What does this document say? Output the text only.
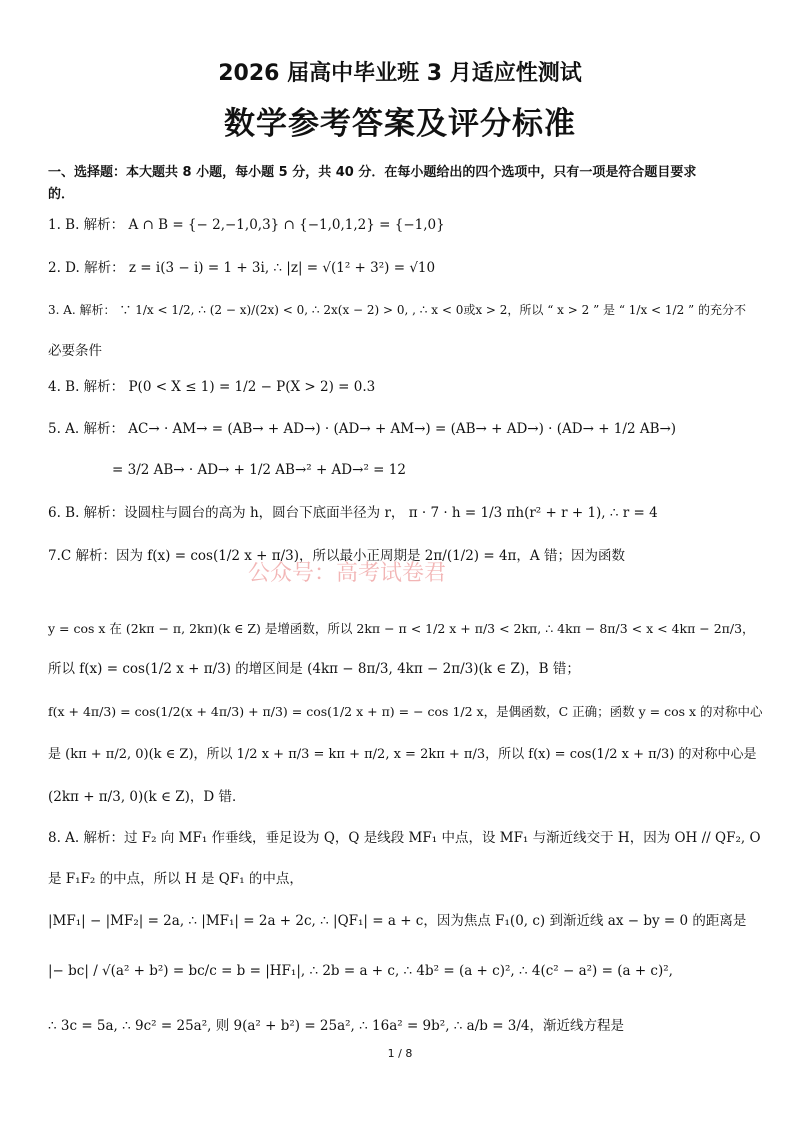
2026 届高中毕业班 3 月适应性测试
数学参考答案及评分标准
一、选择题：本大题共 8 小题，每小题 5 分，共 40 分．在每小题给出的四个选项中，只有一项是符合题目要求
的．
1. B. 解析： A ∩ B = {− 2,−1,0,3} ∩ {−1,0,1,2} = {−1,0}
2. D. 解析： z = i(3 − i) = 1 + 3i, ∴ |z| = √(1² + 3²) = √10
3. A. 解析： ∵ 1/x < 1/2, ∴ (2 − x)/(2x) < 0, ∴ 2x(x − 2) > 0, , ∴ x < 0或x > 2，所以 “ x > 2 ” 是 “ 1/x < 1/2 ” 的充分不
必要条件
4. B. 解析： P(0 < X ≤ 1) = 1/2 − P(X > 2) = 0.3
5. A. 解析： AC→ · AM→ = (AB→ + AD→) · (AD→ + AM→) = (AB→ + AD→) · (AD→ + 1/2 AB→)
= 3/2 AB→ · AD→ + 1/2 AB→² + AD→² = 12
6. B. 解析：设圆柱与圆台的高为 h，圆台下底面半径为 r， π · 7 · h = 1/3 πh(r² + r + 1), ∴ r = 4
7.C 解析：因为 f(x) = cos(1/2 x + π/3)，所以最小正周期是 2π/(1/2) = 4π，A 错；因为函数
公众号：高考试卷君
y = cos x 在 (2kπ − π, 2kπ)(k ∈ Z) 是增函数，所以 2kπ − π < 1/2 x + π/3 < 2kπ, ∴ 4kπ − 8π/3 < x < 4kπ − 2π/3，
所以 f(x) = cos(1/2 x + π/3) 的增区间是 (4kπ − 8π/3, 4kπ − 2π/3)(k ∈ Z)，B 错；
f(x + 4π/3) = cos(1/2(x + 4π/3) + π/3) = cos(1/2 x + π) = − cos 1/2 x，是偶函数，C 正确；函数 y = cos x 的对称中心
是 (kπ + π/2, 0)(k ∈ Z)，所以 1/2 x + π/3 = kπ + π/2, x = 2kπ + π/3，所以 f(x) = cos(1/2 x + π/3) 的对称中心是
(2kπ + π/3, 0)(k ∈ Z)，D 错．
8. A. 解析：过 F₂ 向 MF₁ 作垂线，垂足设为 Q，Q 是线段 MF₁ 中点，设 MF₁ 与渐近线交于 H，因为 OH // QF₂, O
是 F₁F₂ 的中点，所以 H 是 QF₁ 的中点，
|MF₁| − |MF₂| = 2a, ∴ |MF₁| = 2a + 2c, ∴ |QF₁| = a + c，因为焦点 F₁(0, c) 到渐近线 ax − by = 0 的距离是
|− bc| / √(a² + b²) = bc/c = b = |HF₁|, ∴ 2b = a + c, ∴ 4b² = (a + c)², ∴ 4(c² − a²) = (a + c)²,
∴ 3c = 5a, ∴ 9c² = 25a², 则 9(a² + b²) = 25a², ∴ 16a² = 9b², ∴ a/b = 3/4，渐近线方程是
1 / 8
